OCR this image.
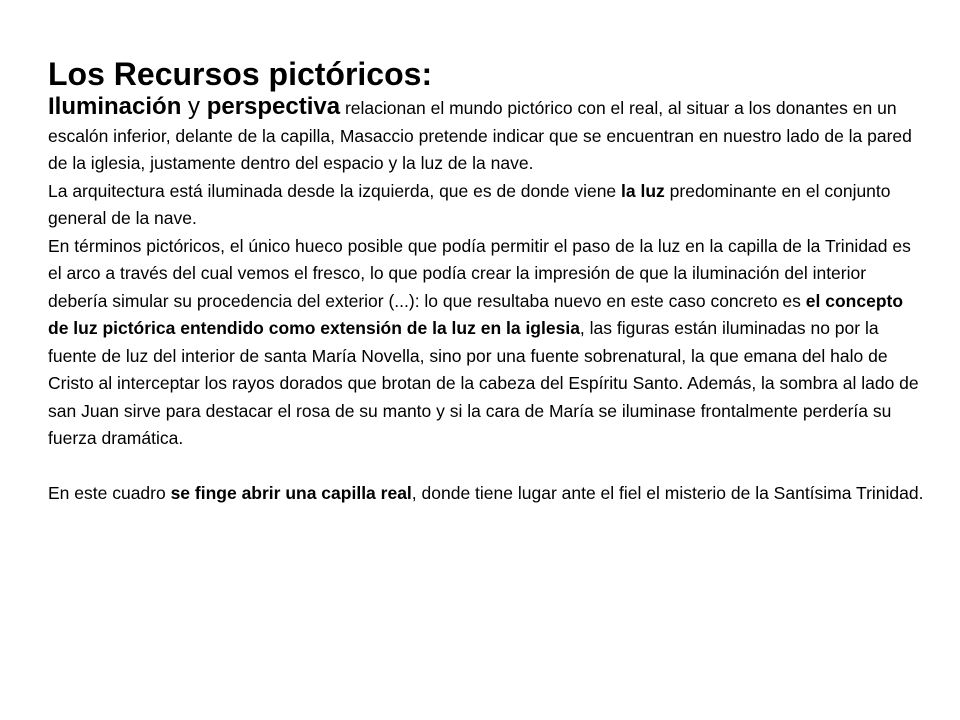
Los Recursos pictóricos:

Iluminación y perspectiva relacionan el mundo pictórico con el real, al situar a los donantes en un escalón inferior, delante de la capilla, Masaccio pretende indicar que se encuentran en nuestro lado de la pared de la iglesia, justamente dentro del espacio y la luz de la nave.

La arquitectura está iluminada desde la izquierda, que es de donde viene la luz predominante en el conjunto general de la nave.

En términos pictóricos, el único hueco posible que podía permitir el paso de la luz en la capilla de la Trinidad es el arco a través del cual vemos el fresco, lo que podía crear la impresión de que la iluminación del interior debería simular su procedencia del exterior (...): lo que resultaba nuevo en este caso concreto es el concepto de luz pictórica entendido como extensión de la luz en la iglesia, las figuras están iluminadas no por la fuente de luz del interior de santa María Novella, sino por una fuente sobrenatural, la que emana del halo de Cristo al interceptar los rayos dorados que brotan de la cabeza del Espíritu Santo. Además, la sombra al lado de san Juan sirve para destacar el rosa de su manto y si la cara de María se iluminase frontalmente perdería su fuerza dramática.

En este cuadro se finge abrir una capilla real, donde tiene lugar ante el fiel el misterio de la Santísima Trinidad.
